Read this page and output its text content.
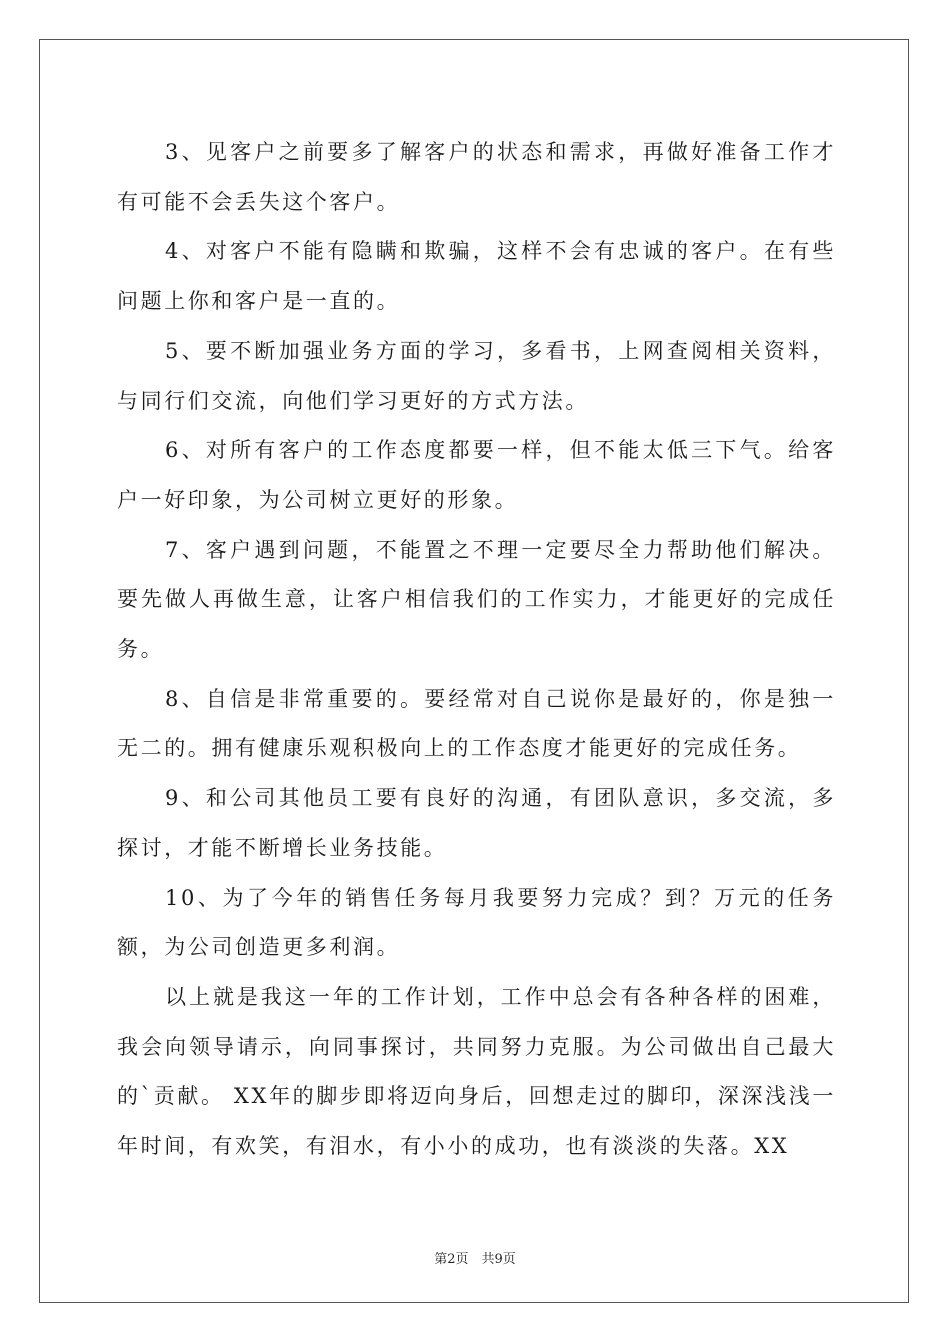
3、见客户之前要多了解客户的状态和需求，再做好准备工作才有可能不会丢失这个客户。

4、对客户不能有隐瞒和欺骗，这样不会有忠诚的客户。在有些问题上你和客户是一直的。

5、要不断加强业务方面的学习，多看书，上网查阅相关资料，与同行们交流，向他们学习更好的方式方法。

6、对所有客户的工作态度都要一样，但不能太低三下气。给客户一好印象，为公司树立更好的形象。

7、客户遇到问题，不能置之不理一定要尽全力帮助他们解决。要先做人再做生意，让客户相信我们的工作实力，才能更好的完成任务。

8、自信是非常重要的。要经常对自己说你是最好的，你是独一无二的。拥有健康乐观积极向上的工作态度才能更好的完成任务。

9、和公司其他员工要有良好的沟通，有团队意识，多交流，多探讨，才能不断增长业务技能。

10、为了今年的销售任务每月我要努力完成？到？万元的任务额，为公司创造更多利润。

以上就是我这一年的工作计划，工作中总会有各种各样的困难，我会向领导请示，向同事探讨，共同努力克服。为公司做出自己最大的`贡献。 XX年的脚步即将迈向身后，回想走过的脚印，深深浅浅一年时间，有欢笑，有泪水，有小小的成功，也有淡淡的失落。XX

第2页　共9页
